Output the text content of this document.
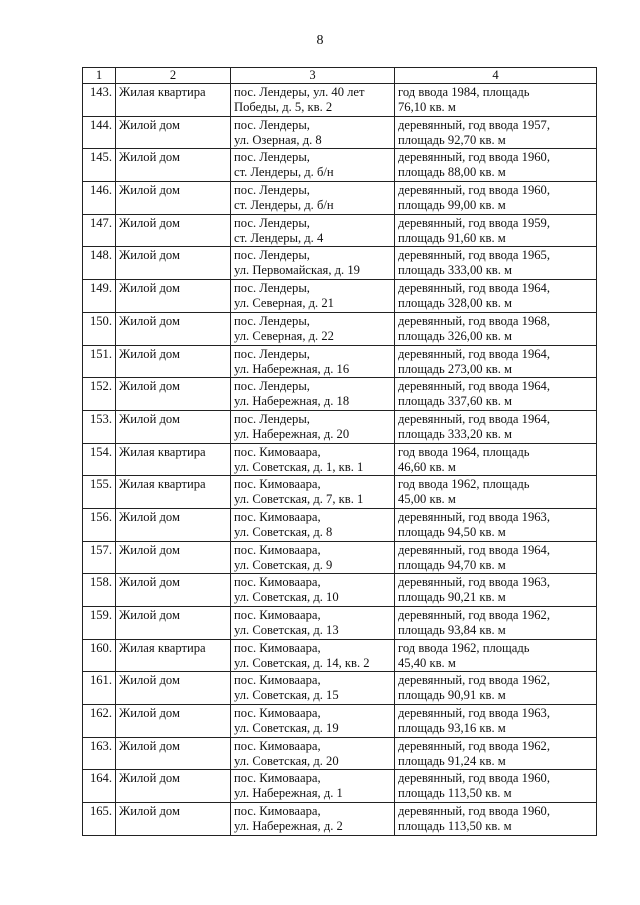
8
1	2	3	4
143.	Жилая квартира	пос. Лендеры, ул. 40 лет
Победы, д. 5, кв. 2	год ввода 1984, площадь
76,10 кв. м

144.	Жилой дом	пос. Лендеры,
ул. Озерная, д. 8	деревянный, год ввода 1957,
площадь 92,70 кв. м

145.	Жилой дом	пос. Лендеры,
ст. Лендеры, д. б/н	деревянный, год ввода 1960,
площадь 88,00 кв. м

146.	Жилой дом	пос. Лендеры,
ст. Лендеры, д. б/н	деревянный, год ввода 1960,
площадь 99,00 кв. м

147.	Жилой дом	пос. Лендеры,
ст. Лендеры, д. 4	деревянный, год ввода 1959,
площадь 91,60 кв. м

148.	Жилой дом	пос. Лендеры,
ул. Первомайская, д. 19	деревянный, год ввода 1965,
площадь 333,00 кв. м

149.	Жилой дом	пос. Лендеры,
ул. Северная, д. 21	деревянный, год ввода 1964,
площадь 328,00 кв. м

150.	Жилой дом	пос. Лендеры,
ул. Северная, д. 22	деревянный, год ввода 1968,
площадь 326,00 кв. м

151.	Жилой дом	пос. Лендеры,
ул. Набережная, д. 16	деревянный, год ввода 1964,
площадь 273,00 кв. м

152.	Жилой дом	пос. Лендеры,
ул. Набережная, д. 18	деревянный, год ввода 1964,
площадь 337,60 кв. м

153.	Жилой дом	пос. Лендеры,
ул. Набережная, д. 20	деревянный, год ввода 1964,
площадь 333,20 кв. м

154.	Жилая квартира	пос. Кимоваара,
ул. Советская, д. 1, кв. 1	год ввода 1964, площадь
46,60 кв. м

155.	Жилая квартира	пос. Кимоваара,
ул. Советская, д. 7, кв. 1	год ввода 1962, площадь
45,00 кв. м

156.	Жилой дом	пос. Кимоваара,
ул. Советская, д. 8	деревянный, год ввода 1963,
площадь 94,50 кв. м

157.	Жилой дом	пос. Кимоваара,
ул. Советская, д. 9	деревянный, год ввода 1964,
площадь 94,70 кв. м

158.	Жилой дом	пос. Кимоваара,
ул. Советская, д. 10	деревянный, год ввода 1963,
площадь 90,21 кв. м

159.	Жилой дом	пос. Кимоваара,
ул. Советская, д. 13	деревянный, год ввода 1962,
площадь 93,84 кв. м

160.	Жилая квартира	пос. Кимоваара,
ул. Советская, д. 14, кв. 2	год ввода 1962, площадь
45,40 кв. м

161.	Жилой дом	пос. Кимоваара,
ул. Советская, д. 15	деревянный, год ввода 1962,
площадь 90,91 кв. м

162.	Жилой дом	пос. Кимоваара,
ул. Советская, д. 19	деревянный, год ввода 1963,
площадь 93,16 кв. м

163.	Жилой дом	пос. Кимоваара,
ул. Советская, д. 20	деревянный, год ввода 1962,
площадь 91,24 кв. м

164.	Жилой дом	пос. Кимоваара,
ул. Набережная, д. 1	деревянный, год ввода 1960,
площадь 113,50 кв. м

165.	Жилой дом	пос. Кимоваара,
ул. Набережная, д. 2	деревянный, год ввода 1960,
площадь 113,50 кв. м
